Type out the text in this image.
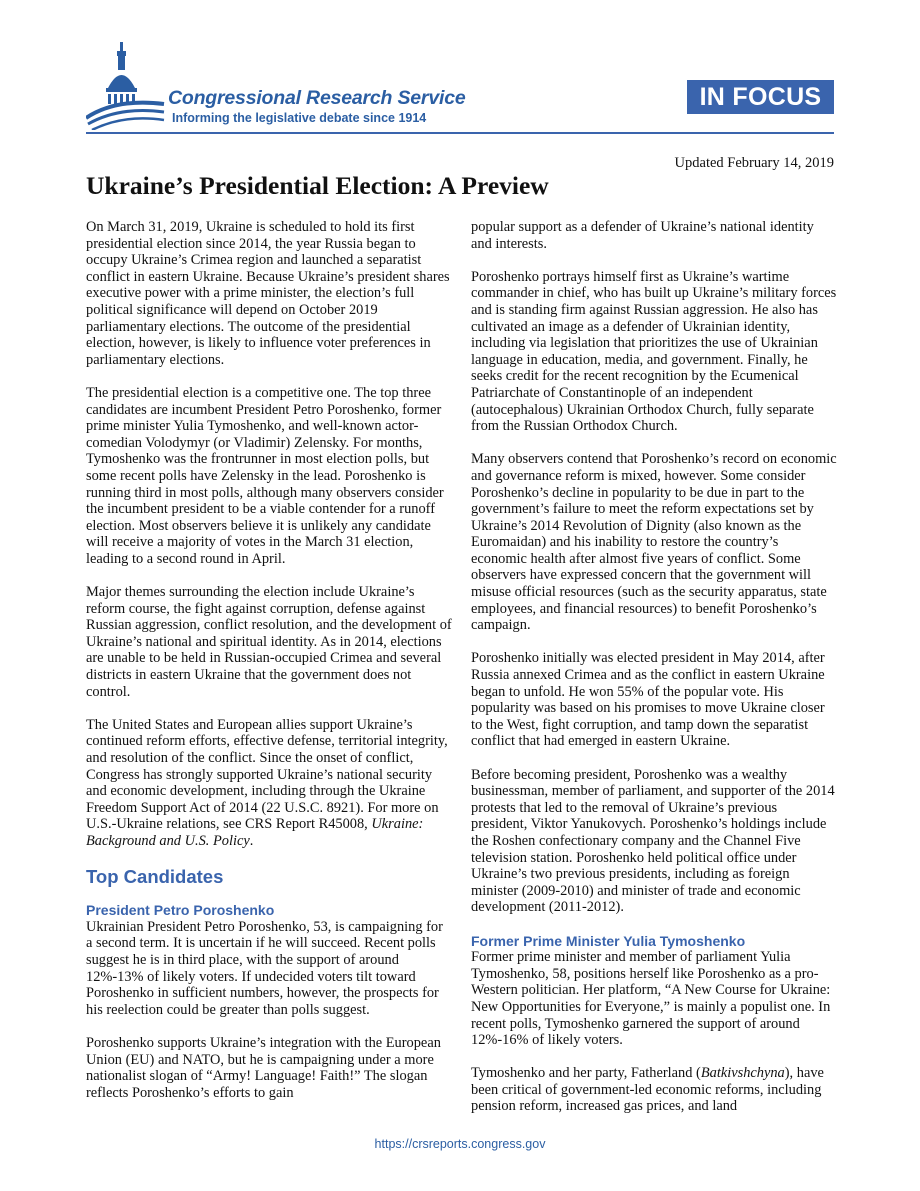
Congressional Research Service
Informing the legislative debate since 1914
IN FOCUS
Updated February 14, 2019
Ukraine’s Presidential Election: A Preview

On March 31, 2019, Ukraine is scheduled to hold its first presidential election since 2014, the year Russia began to occupy Ukraine’s Crimea region and launched a separatist conflict in eastern Ukraine. Because Ukraine’s president shares executive power with a prime minister, the election’s full political significance will depend on October 2019 parliamentary elections. The outcome of the presidential election, however, is likely to influence voter preferences in parliamentary elections.

The presidential election is a competitive one. The top three candidates are incumbent President Petro Poroshenko, former prime minister Yulia Tymoshenko, and well-known actor-comedian Volodymyr (or Vladimir) Zelensky. For months, Tymoshenko was the frontrunner in most election polls, but some recent polls have Zelensky in the lead. Poroshenko is running third in most polls, although many observers consider the incumbent president to be a viable contender for a runoff election. Most observers believe it is unlikely any candidate will receive a majority of votes in the March 31 election, leading to a second round in April.

Major themes surrounding the election include Ukraine’s reform course, the fight against corruption, defense against Russian aggression, conflict resolution, and the development of Ukraine’s national and spiritual identity. As in 2014, elections are unable to be held in Russian-occupied Crimea and several districts in eastern Ukraine that the government does not control.

The United States and European allies support Ukraine’s continued reform efforts, effective defense, territorial integrity, and resolution of the conflict. Since the onset of conflict, Congress has strongly supported Ukraine’s national security and economic development, including through the Ukraine Freedom Support Act of 2014 (22 U.S.C. 8921). For more on U.S.-Ukraine relations, see CRS Report R45008, Ukraine: Background and U.S. Policy.

Top Candidates
President Petro Poroshenko

Ukrainian President Petro Poroshenko, 53, is campaigning for a second term. It is uncertain if he will succeed. Recent polls suggest he is in third place, with the support of around 12%-13% of likely voters. If undecided voters tilt toward Poroshenko in sufficient numbers, however, the prospects for his reelection could be greater than polls suggest.

Poroshenko supports Ukraine’s integration with the European Union (EU) and NATO, but he is campaigning under a more nationalist slogan of “Army! Language! Faith!” The slogan reflects Poroshenko’s efforts to gain

popular support as a defender of Ukraine’s national identity and interests.

Poroshenko portrays himself first as Ukraine’s wartime commander in chief, who has built up Ukraine’s military forces and is standing firm against Russian aggression. He also has cultivated an image as a defender of Ukrainian identity, including via legislation that prioritizes the use of Ukrainian language in education, media, and government. Finally, he seeks credit for the recent recognition by the Ecumenical Patriarchate of Constantinople of an independent (autocephalous) Ukrainian Orthodox Church, fully separate from the Russian Orthodox Church.

Many observers contend that Poroshenko’s record on economic and governance reform is mixed, however. Some consider Poroshenko’s decline in popularity to be due in part to the government’s failure to meet the reform expectations set by Ukraine’s 2014 Revolution of Dignity (also known as the Euromaidan) and his inability to restore the country’s economic health after almost five years of conflict. Some observers have expressed concern that the government will misuse official resources (such as the security apparatus, state employees, and financial resources) to benefit Poroshenko’s campaign.

Poroshenko initially was elected president in May 2014, after Russia annexed Crimea and as the conflict in eastern Ukraine began to unfold. He won 55% of the popular vote. His popularity was based on his promises to move Ukraine closer to the West, fight corruption, and tamp down the separatist conflict that had emerged in eastern Ukraine.

Before becoming president, Poroshenko was a wealthy businessman, member of parliament, and supporter of the 2014 protests that led to the removal of Ukraine’s previous president, Viktor Yanukovych. Poroshenko’s holdings include the Roshen confectionary company and the Channel Five television station. Poroshenko held political office under Ukraine’s two previous presidents, including as foreign minister (2009-2010) and minister of trade and economic development (2011-2012).

Former Prime Minister Yulia Tymoshenko

Former prime minister and member of parliament Yulia Tymoshenko, 58, positions herself like Poroshenko as a pro-Western politician. Her platform, “A New Course for Ukraine: New Opportunities for Everyone,” is mainly a populist one. In recent polls, Tymoshenko garnered the support of around 12%-16% of likely voters.

Tymoshenko and her party, Fatherland (Batkivshchyna), have been critical of government-led economic reforms, including pension reform, increased gas prices, and land

https://crsreports.congress.gov
